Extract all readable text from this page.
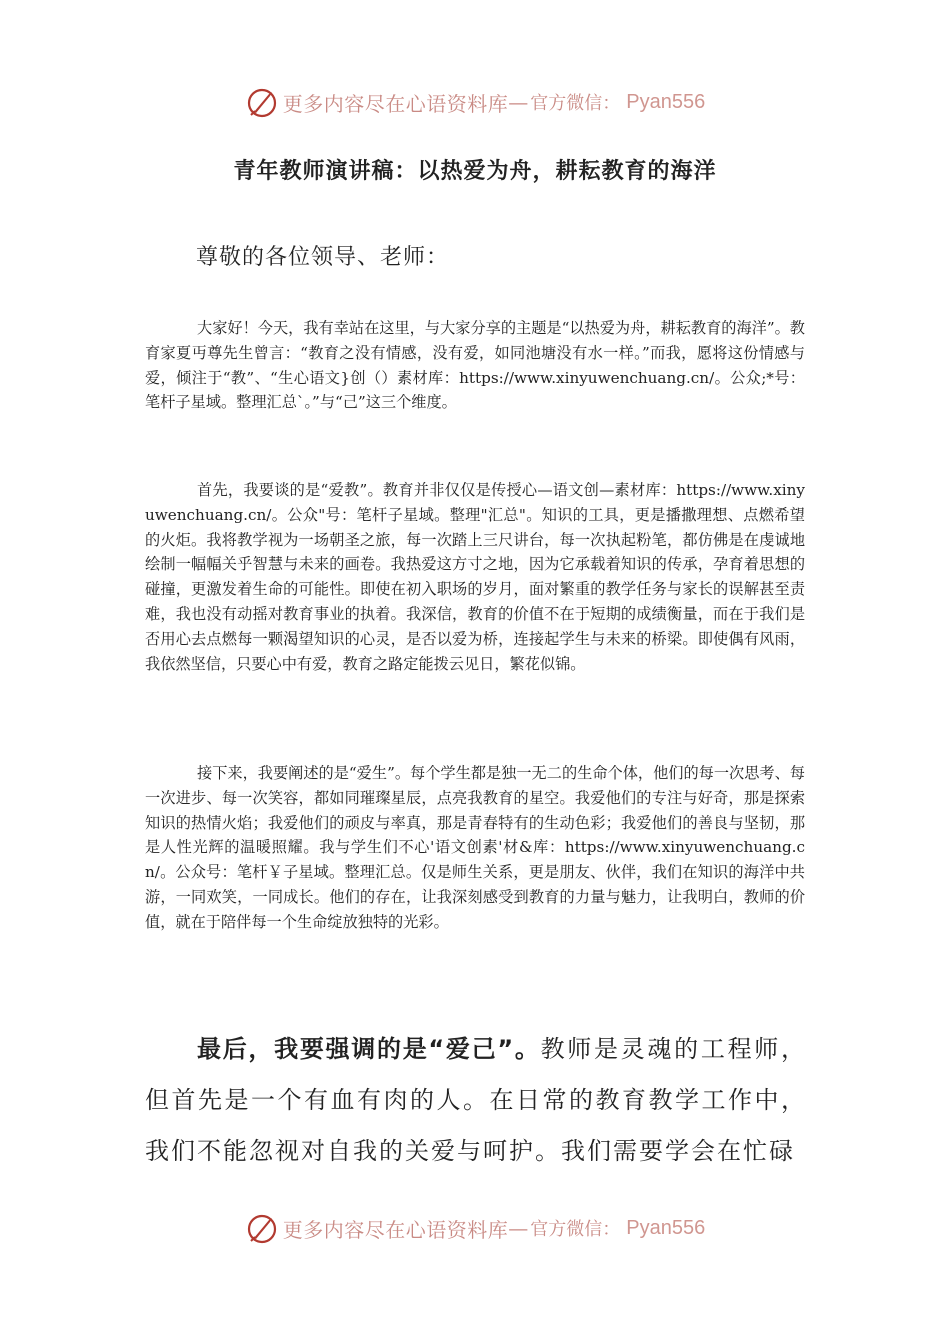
更多内容尽在心语资料库 — 官方微信： Pyan556
青年教师演讲稿：以热爱为舟，耕耘教育的海洋
尊敬的各位领导、老师：

大家好！今天，我有幸站在这里，与大家分享的主题是“以热爱为舟，耕耘教育的海洋”。教育家夏丏尊先生曾言：“教育之没有情感，没有爱，如同池塘没有水一样。”而我，愿将这份情感与爱，倾注于“教”、“生心语文}创（）素材库：https://www.xinyuwenchuang.cn/。公众;*号：笔杆子星域。整理汇总`。”与“己”这三个维度。

首先，我要谈的是“爱教”。教育并非仅仅是传授心—语文创—素材库：https://www.xinyuwenchuang.cn/。公众"号：笔杆子星域。整理"汇总"。知识的工具，更是播撒理想、点燃希望的火炬。我将教学视为一场朝圣之旅，每一次踏上三尺讲台，每一次执起粉笔，都仿佛是在虔诚地绘制一幅幅关乎智慧与未来的画卷。我热爱这方寸之地，因为它承载着知识的传承，孕育着思想的碰撞，更激发着生命的可能性。即使在初入职场的岁月，面对繁重的教学任务与家长的误解甚至责难，我也没有动摇对教育事业的执着。我深信，教育的价值不在于短期的成绩衡量，而在于我们是否用心去点燃每一颗渴望知识的心灵，是否以爱为桥，连接起学生与未来的桥梁。即使偶有风雨，我依然坚信，只要心中有爱，教育之路定能拨云见日，繁花似锦。

接下来，我要阐述的是“爱生”。每个学生都是独一无二的生命个体，他们的每一次思考、每一次进步、每一次笑容，都如同璀璨星辰，点亮我教育的星空。我爱他们的专注与好奇，那是探索知识的热情火焰；我爱他们的顽皮与率真，那是青春特有的生动色彩；我爱他们的善良与坚韧，那是人性光辉的温暖照耀。我与学生们不心'语文创素'材&库：https://www.xinyuwenchuang.cn/。公众号：笔杆￥子星域。整理汇总。仅是师生关系，更是朋友、伙伴，我们在知识的海洋中共游，一同欢笑，一同成长。他们的存在，让我深刻感受到教育的力量与魅力，让我明白，教师的价值，就在于陪伴每一个生命绽放独特的光彩。

最后，我要强调的是“爱己”。教师是灵魂的工程师，但首先是一个有血有肉的人。在日常的教育教学工作中，我们不能忽视对自我的关爱与呵护。我们需要学会在忙碌

更多内容尽在心语资料库 — 官方微信： Pyan556
